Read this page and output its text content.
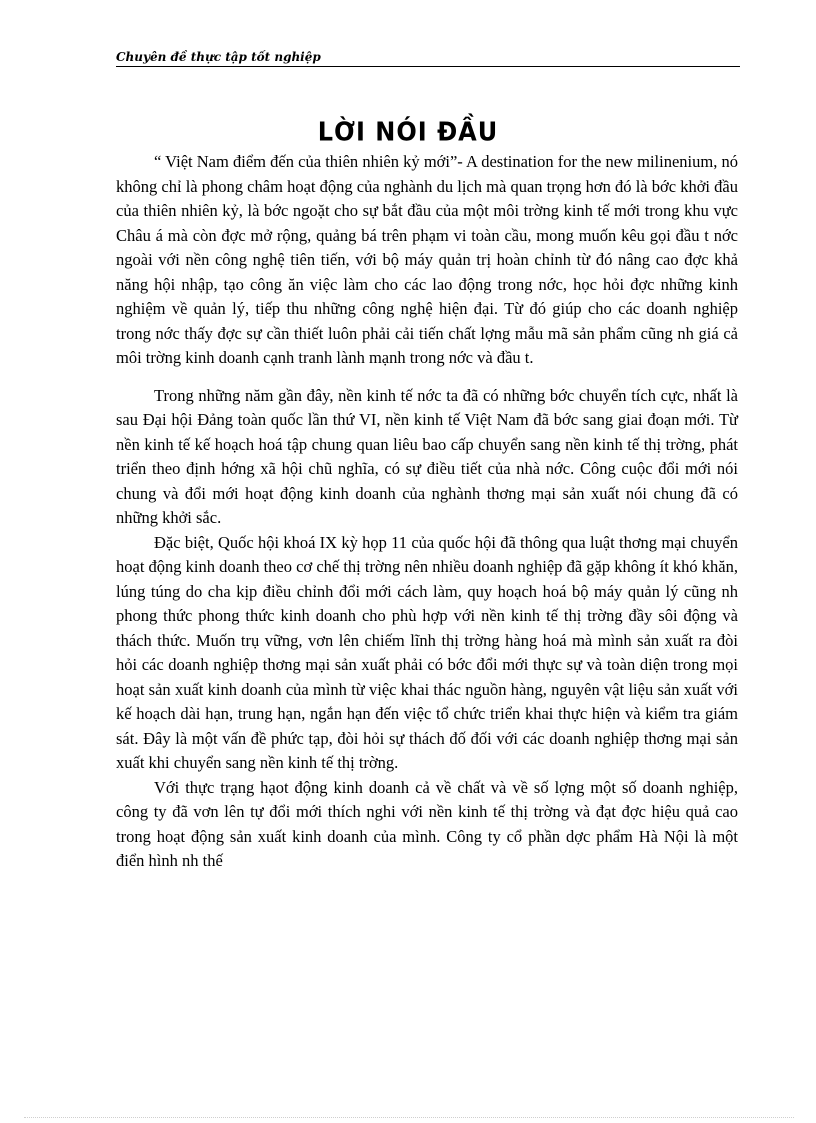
Chuyên đề thực tập tốt nghiệp
LỜI NÓI ĐẦU

“ Việt Nam điểm đến của thiên nhiên kỷ mới”- A destination for the new milinenium, nó không chỉ là phong châm hoạt động của nghành du lịch mà quan trọng hơn đó là bớc khởi đầu của thiên nhiên kỷ, là bớc ngoặt cho sự bắt đầu của một môi trờng kinh tế mới trong khu vực Châu á mà còn đợc mở rộng, quảng bá trên phạm vi toàn cầu, mong muốn kêu gọi đầu t nớc ngoài với nền công nghệ tiên tiến, với bộ máy quản trị hoàn chỉnh từ đó nâng cao đợc khả năng hội nhập, tạo công ăn việc làm cho các lao động trong nớc, học hỏi đợc những kinh nghiệm về quản lý, tiếp thu những công nghệ hiện đại. Từ đó giúp cho các doanh nghiệp trong nớc thấy đợc sự cần thiết luôn phải cải tiến chất lợng mẫu mã sản phẩm cũng nh giá cả môi trờng kinh doanh cạnh tranh lành mạnh trong nớc và đầu t.

Trong những năm gần đây, nền kinh tế nớc ta đã có những bớc chuyển tích cực, nhất là sau Đại hội Đảng toàn quốc lần thứ VI, nền kinh tế Việt Nam đã bớc sang giai đoạn mới. Từ nền kinh tế kế hoạch hoá tập chung quan liêu bao cấp chuyển sang nền kinh tế thị trờng, phát triển theo định hớng xã hội chũ nghĩa, có sự điều tiết của nhà nớc. Công cuộc đổi mới nói chung và đổi mới hoạt động kinh doanh của nghành thơng mại sản xuất nói chung đã có những khởi sắc.

Đặc biệt, Quốc hội khoá IX kỳ họp 11 của quốc hội đã thông qua luật thơng mại chuyển hoạt động kinh doanh theo cơ chế thị trờng nên nhiều doanh nghiệp đã gặp không ít khó khăn, lúng túng do cha kịp điều chỉnh đổi mới cách làm, quy hoạch hoá bộ máy quản lý cũng nh phong thức phong thức kinh doanh cho phù hợp với nền kinh tế thị trờng đầy sôi động và thách thức. Muốn trụ vững, vơn lên chiếm lĩnh thị trờng hàng hoá mà mình sản xuất ra đòi hỏi các doanh nghiệp thơng mại sản xuất phải có bớc đổi mới thực sự và toàn diện trong mọi hoạt sản xuất kinh doanh của mình từ việc khai thác nguồn hàng, nguyên vật liệu sản xuất với kế hoạch dài hạn, trung hạn, ngắn hạn đến việc tổ chức triển khai thực hiện và kiểm tra giám sát. Đây là một vấn đề phức tạp, đòi hỏi sự thách đố đối với các doanh nghiệp thơng mại sản xuất khi chuyển sang nền kinh tế thị trờng.

Với thực trạng hạot động kinh doanh cả về chất và về số lợng một số doanh nghiệp, công ty đã vơn lên tự đổi mới thích nghi với nền kinh tế thị trờng và đạt đợc hiệu quả cao trong hoạt động sản xuất kinh doanh của mình. Công ty cổ phần dợc phẩm Hà Nội là một điển hình nh thế
